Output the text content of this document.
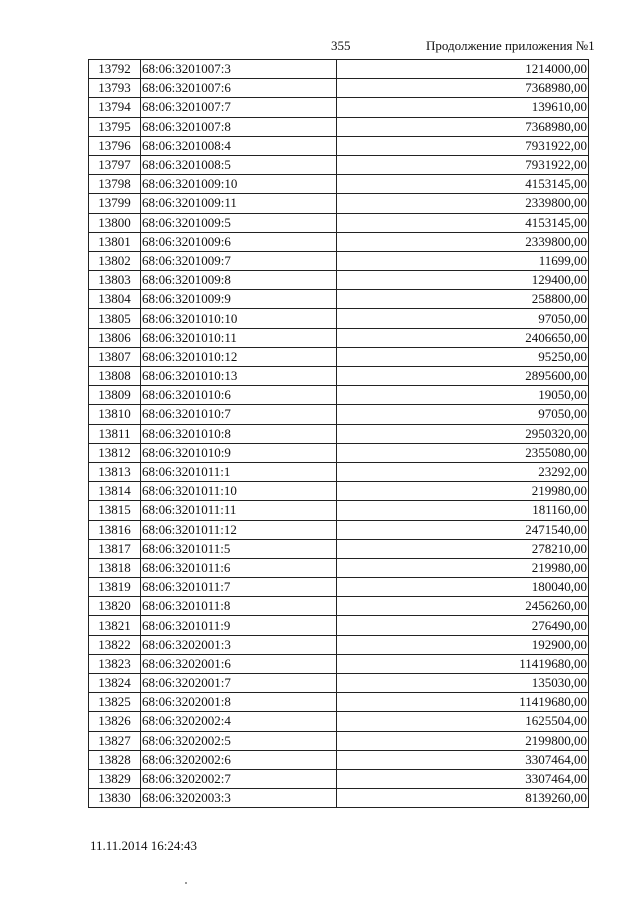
355	Продолжение приложения №1
13792	68:06:3201007:3		1214000,00
13793	68:06:3201007:6		7368980,00
13794	68:06:3201007:7		139610,00
13795	68:06:3201007:8		7368980,00
13796	68:06:3201008:4		7931922,00
13797	68:06:3201008:5		7931922,00
13798	68:06:3201009:10		4153145,00
13799	68:06:3201009:11		2339800,00
13800	68:06:3201009:5		4153145,00
13801	68:06:3201009:6		2339800,00
13802	68:06:3201009:7		11699,00
13803	68:06:3201009:8		129400,00
13804	68:06:3201009:9		258800,00
13805	68:06:3201010:10		97050,00
13806	68:06:3201010:11		2406650,00
13807	68:06:3201010:12		95250,00
13808	68:06:3201010:13		2895600,00
13809	68:06:3201010:6		19050,00
13810	68:06:3201010:7		97050,00
13811	68:06:3201010:8		2950320,00
13812	68:06:3201010:9		2355080,00
13813	68:06:3201011:1		23292,00
13814	68:06:3201011:10		219980,00
13815	68:06:3201011:11		181160,00
13816	68:06:3201011:12		2471540,00
13817	68:06:3201011:5		278210,00
13818	68:06:3201011:6		219980,00
13819	68:06:3201011:7		180040,00
13820	68:06:3201011:8		2456260,00
13821	68:06:3201011:9		276490,00
13822	68:06:3202001:3		192900,00
13823	68:06:3202001:6		11419680,00
13824	68:06:3202001:7		135030,00
13825	68:06:3202001:8		11419680,00
13826	68:06:3202002:4		1625504,00
13827	68:06:3202002:5		2199800,00
13828	68:06:3202002:6		3307464,00
13829	68:06:3202002:7		3307464,00
13830	68:06:3202003:3		8139260,00
11.11.2014 16:24:43
